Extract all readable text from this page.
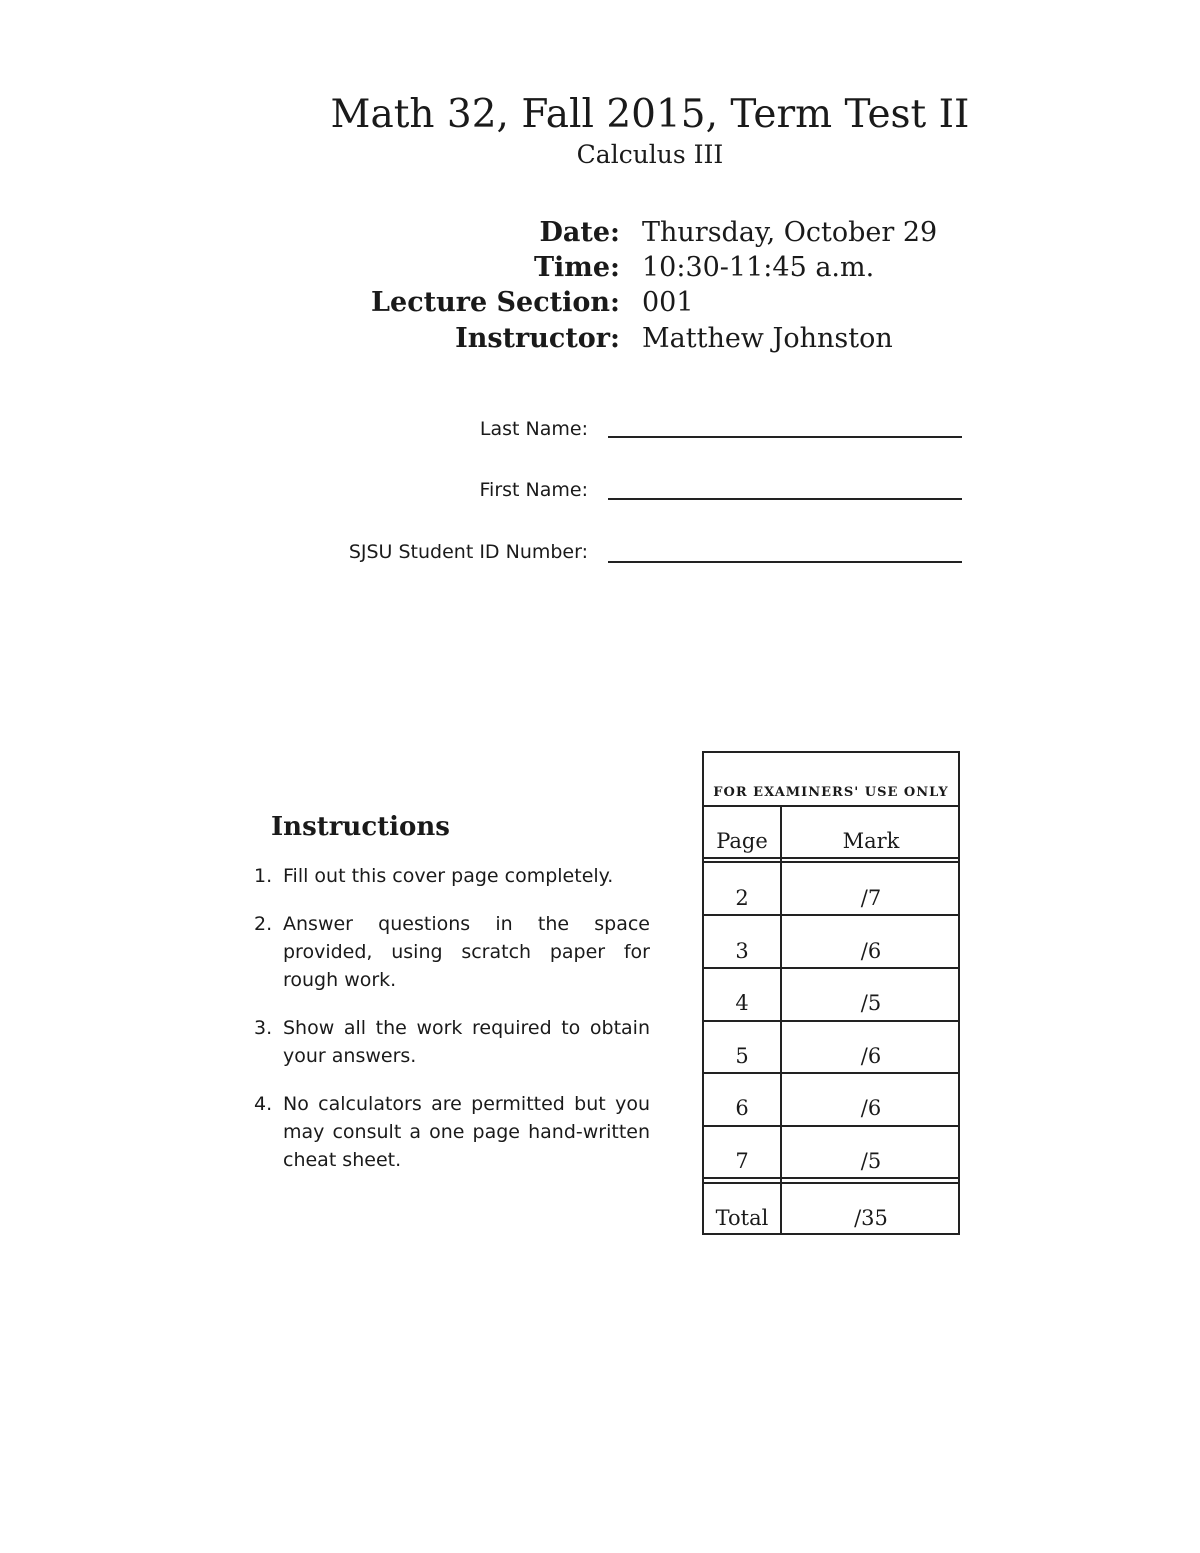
Math 32, Fall 2015, Term Test II
Calculus III
Date: Thursday, October 29
Time: 10:30-11:45 a.m.
Lecture Section: 001
Instructor: Matthew Johnston
Last Name:
First Name:
SJSU Student ID Number:
Instructions
1. Fill out this cover page completely.
2. Answer questions in the space provided, using scratch paper for rough work.
3. Show all the work required to obtain your answers.
4. No calculators are permitted but you may consult a one page hand-written cheat sheet.
FOR EXAMINERS' USE ONLY
Page	Mark
2	/7
3	/6
4	/5
5	/6
6	/6
7	/5
Total	/35
